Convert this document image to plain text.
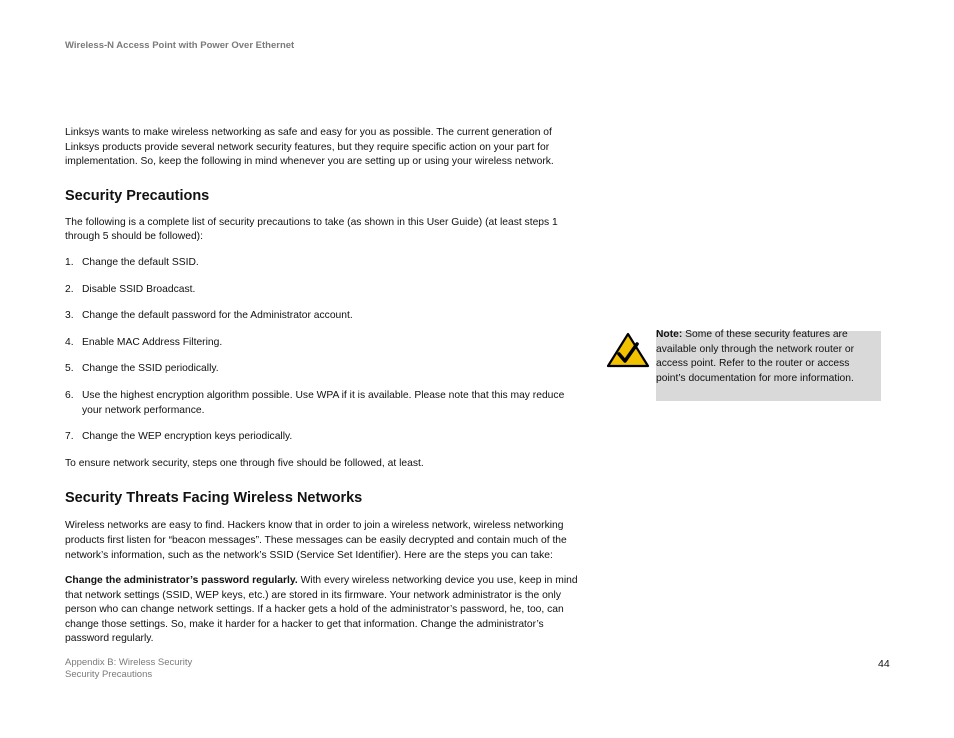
Wireless-N Access Point with Power Over Ethernet

Linksys wants to make wireless networking as safe and easy for you as possible. The current generation of Linksys products provide several network security features, but they require specific action on your part for implementation. So, keep the following in mind whenever you are setting up or using your wireless network.

Security Precautions

The following is a complete list of security precautions to take (as shown in this User Guide) (at least steps 1 through 5 should be followed):

1. Change the default SSID.
2. Disable SSID Broadcast.
3. Change the default password for the Administrator account.
4. Enable MAC Address Filtering.
5. Change the SSID periodically.
6. Use the highest encryption algorithm possible. Use WPA if it is available. Please note that this may reduce your network performance.
7. Change the WEP encryption keys periodically.

To ensure network security, steps one through five should be followed, at least.

Security Threats Facing Wireless Networks

Wireless networks are easy to find. Hackers know that in order to join a wireless network, wireless networking products first listen for “beacon messages”. These messages can be easily decrypted and contain much of the network’s information, such as the network’s SSID (Service Set Identifier). Here are the steps you can take:

Change the administrator’s password regularly. With every wireless networking device you use, keep in mind that network settings (SSID, WEP keys, etc.) are stored in its firmware. Your network administrator is the only person who can change network settings. If a hacker gets a hold of the administrator’s password, he, too, can change those settings. So, make it harder for a hacker to get that information. Change the administrator’s password regularly.

Note: Some of these security features are available only through the network router or access point. Refer to the router or access point’s documentation for more information.
Appendix B: Wireless Security
Security Precautions
44
